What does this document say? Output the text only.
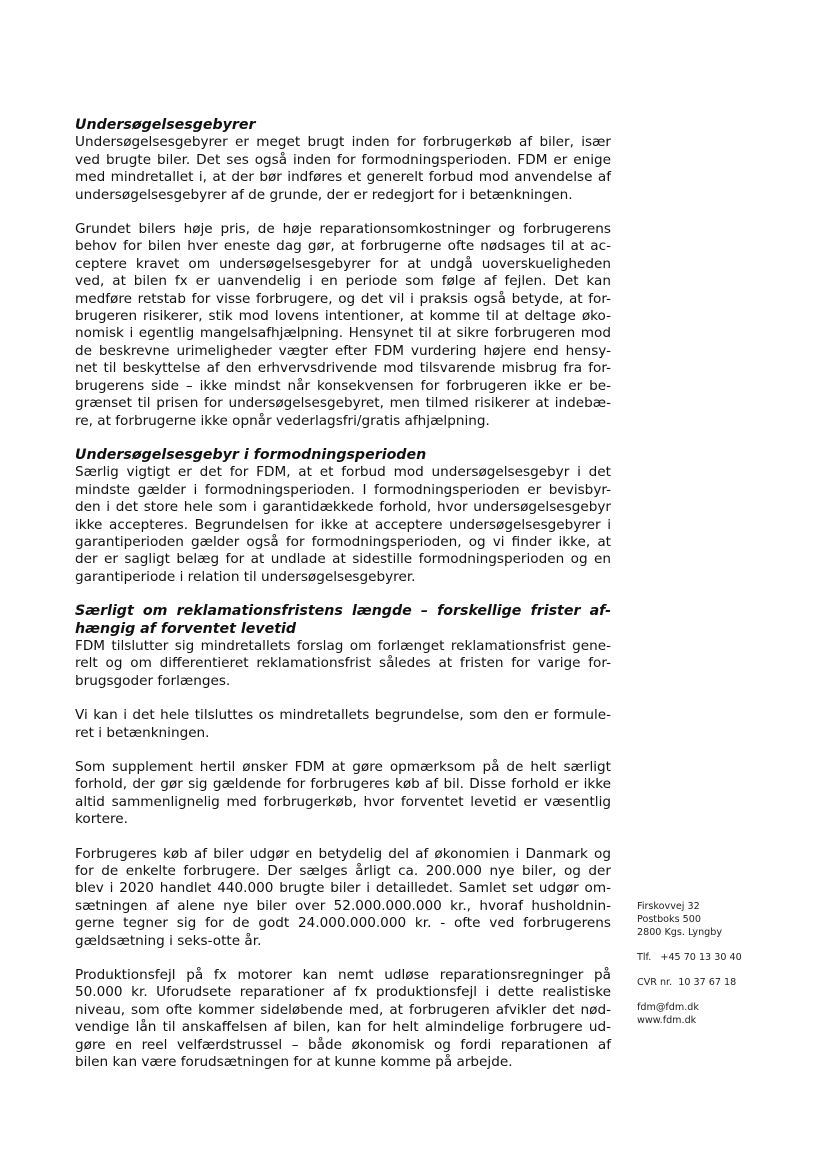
Undersøgelsesgebyrer

Undersøgelsesgebyrer er meget brugt inden for forbrugerkøb af biler, især
ved brugte biler. Det ses også inden for formodningsperioden. FDM er enige
med mindretallet i, at der bør indføres et generelt forbud mod anvendelse af
undersøgelsesgebyrer af de grunde, der er redegjort for i betænkningen.

Grundet bilers høje pris, de høje reparationsomkostninger og forbrugerens
behov for bilen hver eneste dag gør, at forbrugerne ofte nødsages til at ac-
ceptere kravet om undersøgelsesgebyrer for at undgå uoverskueligheden
ved, at bilen fx er uanvendelig i en periode som følge af fejlen. Det kan
medføre retstab for visse forbrugere, og det vil i praksis også betyde, at for-
brugeren risikerer, stik mod lovens intentioner, at komme til at deltage øko-
nomisk i egentlig mangelsafhjælpning. Hensynet til at sikre forbrugeren mod
de beskrevne urimeligheder vægter efter FDM vurdering højere end hensy-
net til beskyttelse af den erhvervsdrivende mod tilsvarende misbrug fra for-
brugerens side – ikke mindst når konsekvensen for forbrugeren ikke er be-
grænset til prisen for undersøgelsesgebyret, men tilmed risikerer at indebæ-
re, at forbrugerne ikke opnår vederlagsfri/gratis afhjælpning.

Undersøgelsesgebyr i formodningsperioden

Særlig vigtigt er det for FDM, at et forbud mod undersøgelsesgebyr i det
mindste gælder i formodningsperioden. I formodningsperioden er bevisbyr-
den i det store hele som i garantidækkede forhold, hvor undersøgelsesgebyr
ikke accepteres. Begrundelsen for ikke at acceptere undersøgelsesgebyrer i
garantiperioden gælder også for formodningsperioden, og vi finder ikke, at
der er sagligt belæg for at undlade at sidestille formodningsperioden og en
garantiperiode i relation til undersøgelsesgebyrer.

Særligt om reklamationsfristens længde – forskellige frister af-
hængig af forventet levetid

FDM tilslutter sig mindretallets forslag om forlænget reklamationsfrist gene-
relt og om differentieret reklamationsfrist således at fristen for varige for-
brugsgoder forlænges.

Vi kan i det hele tilsluttes os mindretallets begrundelse, som den er formule-
ret i betænkningen.

Som supplement hertil ønsker FDM at gøre opmærksom på de helt særligt
forhold, der gør sig gældende for forbrugeres køb af bil. Disse forhold er ikke
altid sammenlignelig med forbrugerkøb, hvor forventet levetid er væsentlig
kortere.

Forbrugeres køb af biler udgør en betydelig del af økonomien i Danmark og
for de enkelte forbrugere. Der sælges årligt ca. 200.000 nye biler, og der
blev i 2020 handlet 440.000 brugte biler i detailledet. Samlet set udgør om-
sætningen af alene nye biler over 52.000.000.000 kr., hvoraf husholdnin-
gerne tegner sig for de godt 24.000.000.000 kr. - ofte ved forbrugerens
gældsætning i seks-otte år.

Produktionsfejl på fx motorer kan nemt udløse reparationsregninger på
50.000 kr. Uforudsete reparationer af fx produktionsfejl i dette realistiske
niveau, som ofte kommer sideløbende med, at forbrugeren afvikler det nød-
vendige lån til anskaffelsen af bilen, kan for helt almindelige forbrugere ud-
gøre en reel velfærdstrussel – både økonomisk og fordi reparationen af
bilen kan være forudsætningen for at kunne komme på arbejde.

Firskovvej 32
Postboks 500
2800 Kgs. Lyngby
Tlf.   +45 70 13 30 40
CVR nr.  10 37 67 18
fdm@fdm.dk
www.fdm.dk
